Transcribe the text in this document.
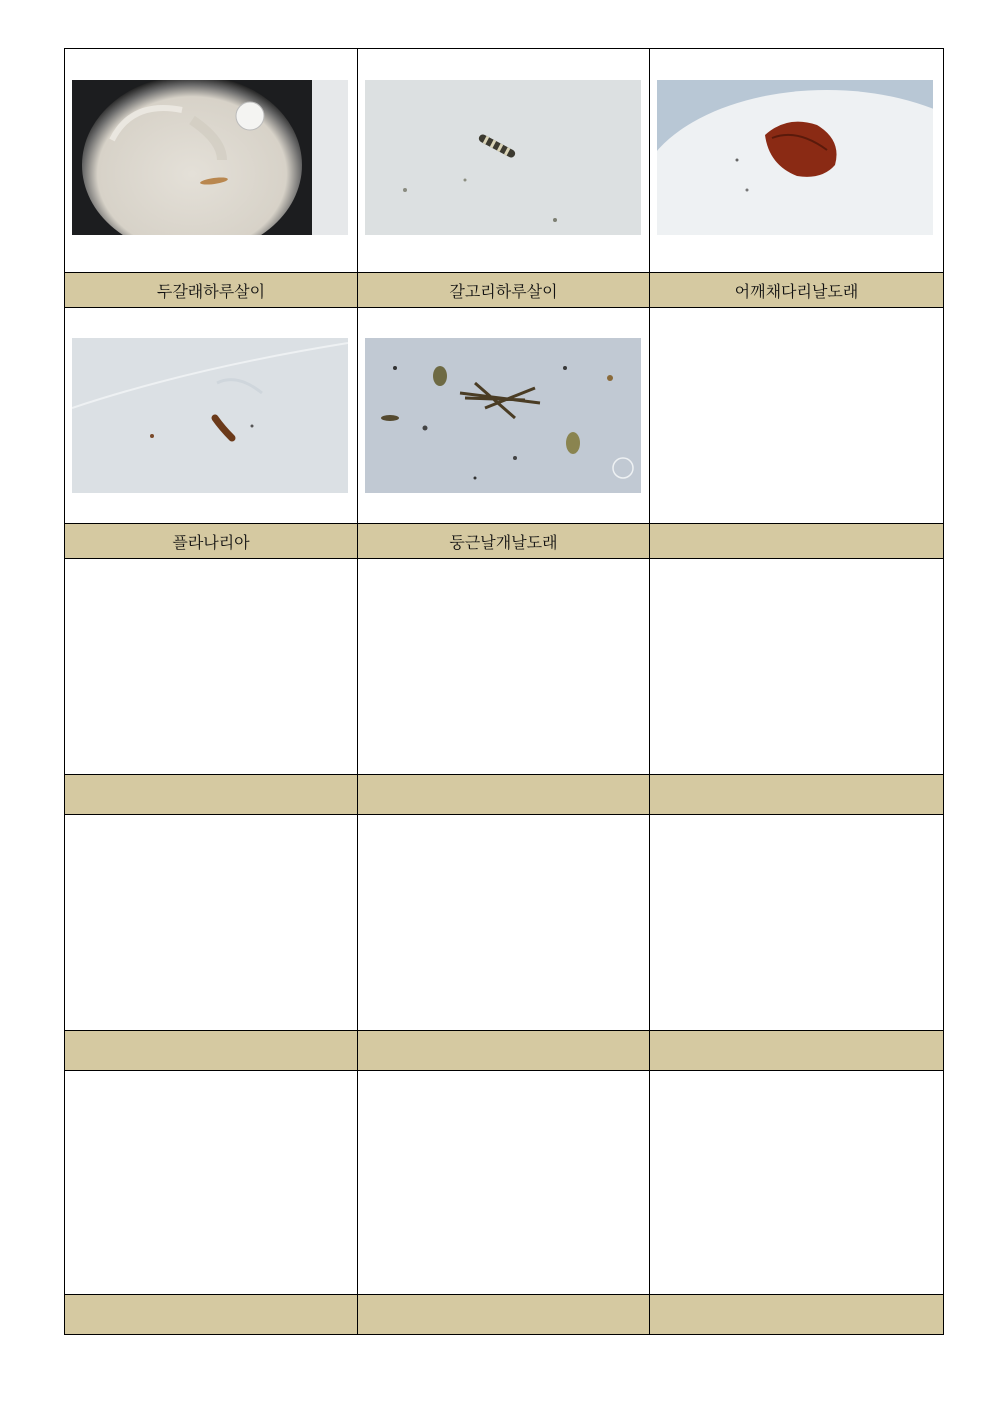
두갈래하루살이	갈고리하루살이	어깨채다리날도래

플라나리아	둥근날개날도래	
